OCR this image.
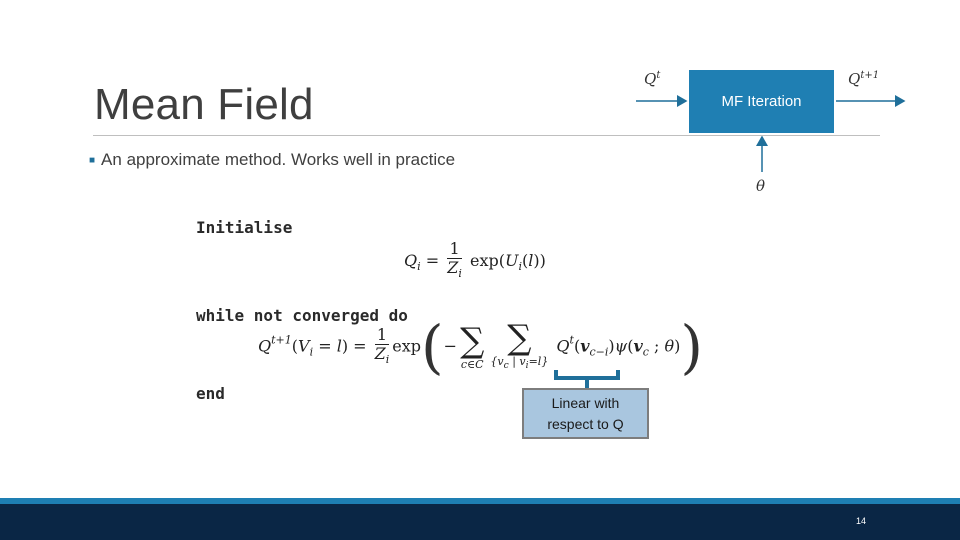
Mean Field
■ An approximate method. Works well in practice
MF Iteration
$Q^t$	$Q^{t+1}$
θ
Initialise
$Q_i = \frac{1}{Z_i} \exp(U_i(l))$
while not converged do
$Q^{t+1}(V_i = l) = \frac{1}{Z_i} \exp(-$ ∑
c∈C
∑
{$v_c$ | $v_i=l$}
$Q^t(v_{c-i})\psi(v_c$ ; θ))
end	Linear with
respect to Q
14
